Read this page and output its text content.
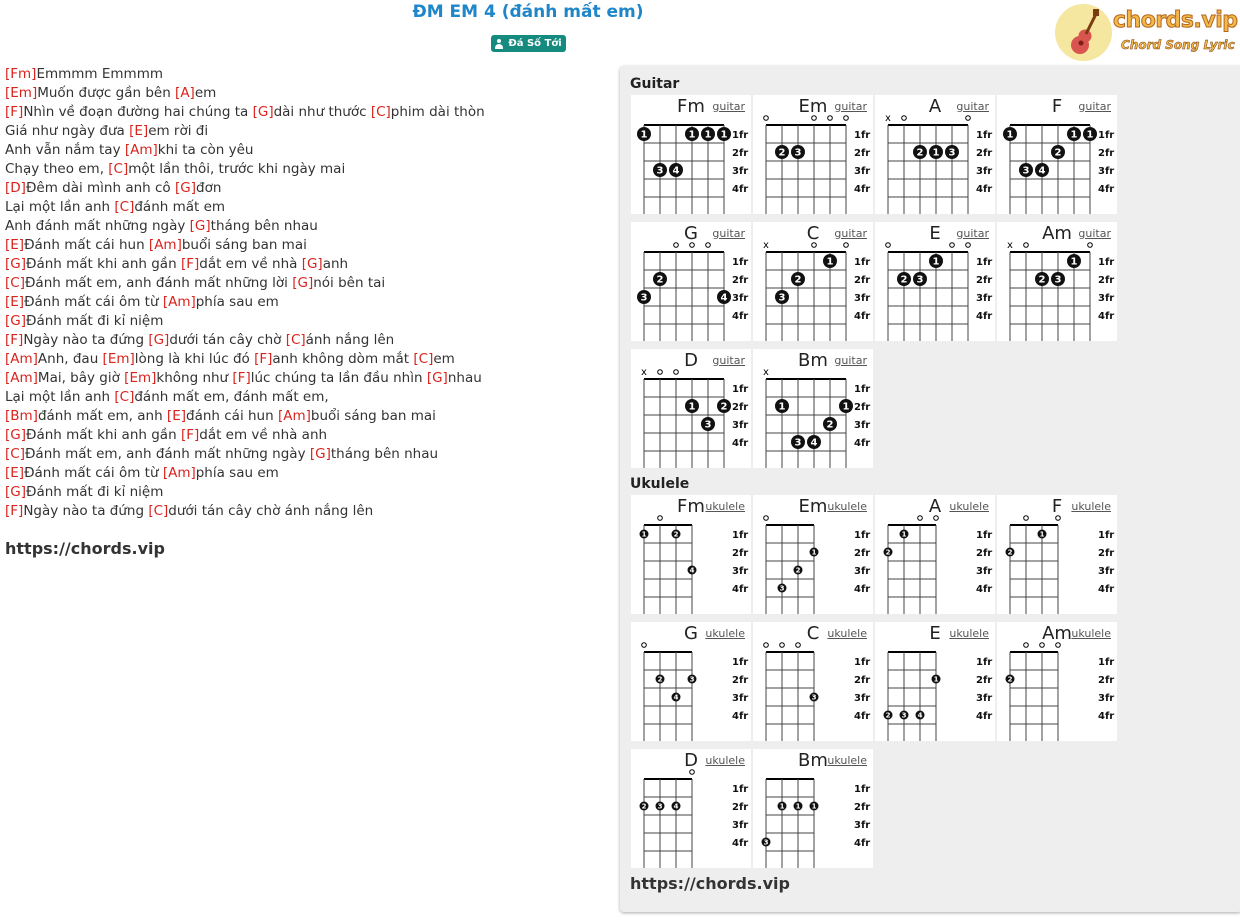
ĐM EM 4 (đánh mất em)
Đá Số Tới
chords.vip
Chord Song Lyric
[Fm]Emmmm Emmmm
[Em]Muốn được gần bên [A]em
[F]Nhìn về đoạn đường hai chúng ta [G]dài như thước [C]phim dài thòn
Giá như ngày đưa [E]em rời đi
Anh vẫn nắm tay [Am]khi ta còn yêu
Chạy theo em, [C]một lần thôi, trước khi ngày mai
[D]Đêm dài mình anh cô [G]đơn
Lại một lần anh [C]đánh mất em
Anh đánh mất những ngày [G]tháng bên nhau
[E]Đánh mất cái hun [Am]buổi sáng ban mai
[G]Đánh mất khi anh gần [F]dắt em về nhà [G]anh
[C]Đánh mất em, anh đánh mất những lời [G]nói bên tai
[E]Đánh mất cái ôm từ [Am]phía sau em
[G]Đánh mất đi kỉ niệm
[F]Ngày nào ta đứng [G]dưới tán cây chờ [C]ánh nắng lên
[Am]Anh, đau [Em]lòng là khi lúc đó [F]anh không dòm mắt [C]em
[Am]Mai, bây giờ [Em]không như [F]lúc chúng ta lần đầu nhìn [G]nhau
Lại một lần anh [C]đánh mất em, đánh mất em,
[Bm]đánh mất em, anh [E]đánh cái hun [Am]buổi sáng ban mai
[G]Đánh mất khi anh gần [F]dắt em về nhà anh
[C]Đánh mất em, anh đánh mất những ngày [G]tháng bên nhau
[E]Đánh mất cái ôm từ [Am]phía sau em
[G]Đánh mất đi kỉ niệm
[F]Ngày nào ta đứng [C]dưới tán cây chờ ánh nắng lên
https://chords.vip
Guitar
Ukulele
https://chords.vip
Fm guitar
1fr
2fr
3fr
4fr
1	1 1 1
3 4
Em guitar
1fr
2fr
3fr
4fr
2 3
A	guitar
1fr
2fr
3fr
4fr
x
2 1 3
F	guitar
1fr
2fr
3fr
4fr
1	1 1
2
3 4
G	guitar
1fr
2fr
3fr
4fr
2
3	4
C	guitar
1fr
2fr
3fr
4fr
x
1
2
3
E	guitar
1fr
2fr
3fr
4fr
1
2 3
Am guitar
1fr
2fr
3fr
4fr
x
1
2 3
D	guitar
1fr
2fr
3fr
4fr
x
1	2
3
Bm guitar
1fr
2fr
3fr
4fr
x
1	1
2
3 4
Fm ukulele
1fr
2fr
3fr
4fr
1	2
4
Em ukulele
1fr
2fr
3fr
4fr
1
2
3
A ukulele
1fr
2fr
3fr
4fr
2
1
F ukulele
1fr
2fr
3fr
4fr
2
1
G ukulele
1fr
2fr
3fr
4fr
2	3
4
C ukulele
1fr
2fr
3fr
4fr
3
E ukulele
1fr
2fr
3fr
4fr
1
2 3 4
Am ukulele
1fr
2fr
3fr
4fr
2
D ukulele
1fr
2fr
3fr
4fr
2 3 4
Bm ukulele
1fr
2fr
3fr
4fr
1 1 1
3
